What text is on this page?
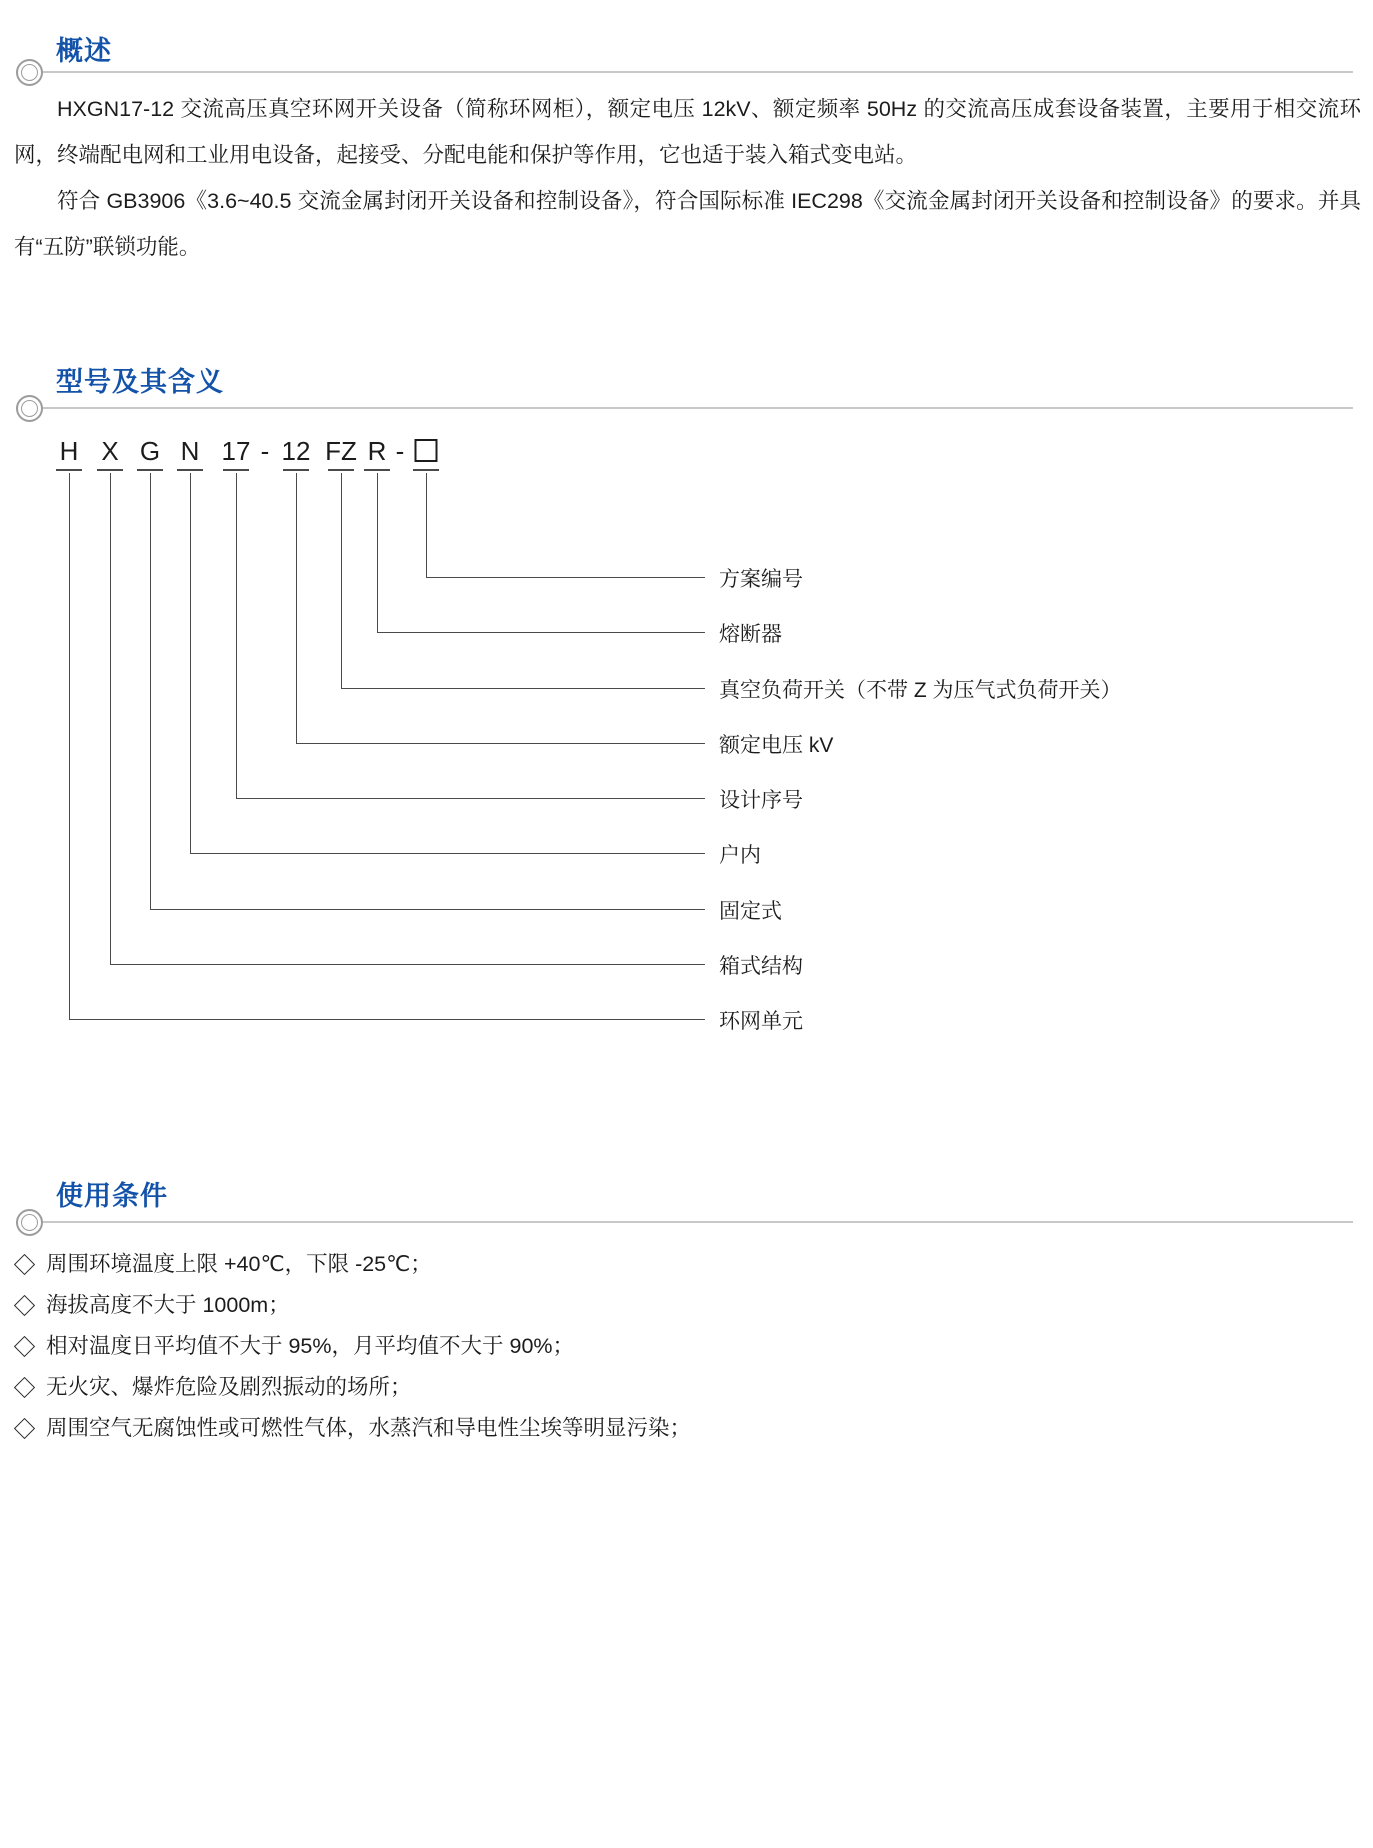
概述

HXGN17-12 交流高压真空环网开关设备（简称环网柜），额定电压 12kV、额定频率 50Hz 的交流高压成套设备装置，主要用于相交流环网，终端配电网和工业用电设备，起接受、分配电能和保护等作用，它也适于装入箱式变电站。

符合 GB3906《3.6~40.5 交流金属封闭开关设备和控制设备》，符合国际标准 IEC298《交流金属封闭开关设备和控制设备》的要求。并具有“五防”联锁功能。

型号及其含义
H
环网单元
X
箱式结构
G
固定式
N
户内
17
设计序号
- 12
额定电压 kV
FZ
真空负荷开关（不带 Z 为压气式负荷开关）
R
熔断器
-
方案编号
使用条件
周围环境温度上限 +40℃，下限 -25℃；
海拔高度不大于 1000m；
相对温度日平均值不大于 95%，月平均值不大于 90%；
无火灾、爆炸危险及剧烈振动的场所；
周围空气无腐蚀性或可燃性气体，水蒸汽和导电性尘埃等明显污染；
